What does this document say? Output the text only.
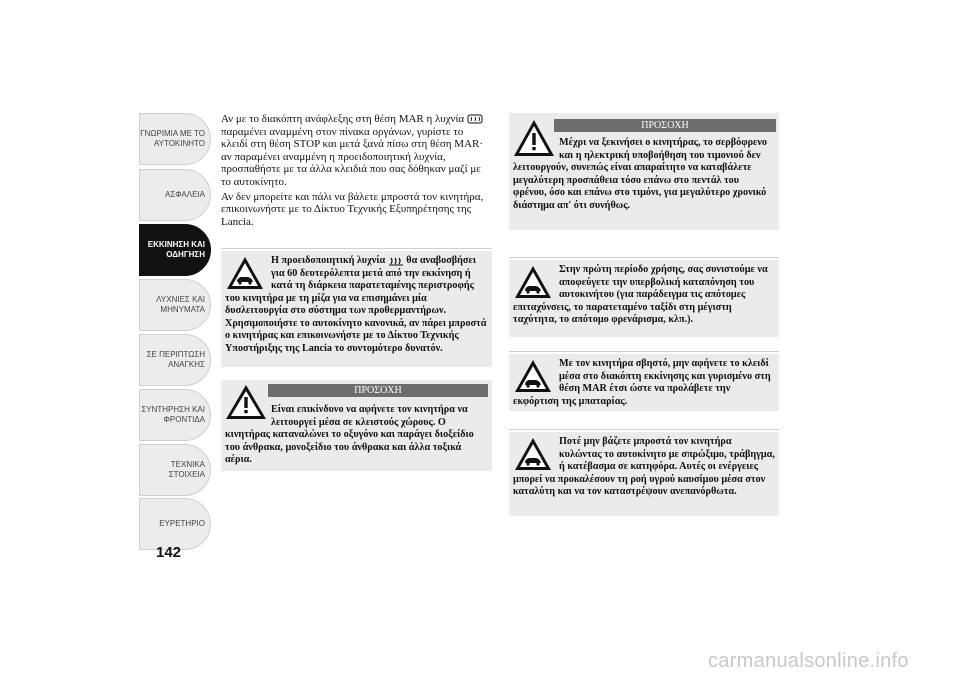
ΓΝΩΡΙΜΙΑ ΜΕ ΤΟ
ΑΥΤΟΚΙΝΗΤΟ
ΑΣΦΑΛΕΙΑ
ΕΚΚΙΝΗΣΗ ΚΑΙ
ΟΔΗΓΗΣΗ
ΛΥΧΝΙΕΣ ΚΑΙ
ΜΗΝΥΜΑΤΑ
ΣΕ ΠΕΡΙΠΤΩΣΗ
ΑΝΑΓΚΗΣ
ΣΥΝΤΗΡΗΣΗ ΚΑΙ
ΦΡΟΝΤΙΔΑ
ΤΕΧΝΙΚΑ ΣΤΟΙΧΕΙΑ
ΕΥΡΕΤΗΡΙΟ
142

Αν με το διακόπτη ανάφλεξης στη θέση MAR η λυχνία  παραμένει αναμμένη στον πίνακα οργάνων, γυρίστε το κλειδί στη θέση STOP και μετά ξανά πίσω στη θέση MAR· αν παραμένει αναμμένη η προειδοποιητική λυχνία, προσπαθήστε με τα άλλα κλειδιά που σας δόθηκαν μαζί με το αυτοκίνητο.

Αν δεν μπορείτε και πάλι να βάλετε μπροστά τον κινητήρα, επικοινωνήστε με το Δίκτυο Τεχνικής Εξυπηρέτησης της Lancia.

Η προειδοποιητική λυχνία θα αναβοσβήσει για 60 δευτερόλεπτα μετά από την εκκίνηση ή κατά τη διάρκεια παρατεταμένης περιστροφής του κινητήρα με τη μίζα για να επισημάνει μία δυσλειτουργία στο σύστημα των προθερμαντήρων. Χρησιμοποιήστε το αυτοκίνητο κανονικά, αν πάρει μπροστά ο κινητήρας και επικοινωνήστε με το Δίκτυο Τεχνικής Υποστήριξης της Lancia το συντομότερο δυνατόν.
ΠΡΟΣΟΧΗ
Είναι επικίνδυνο να αφήνετε τον κινητήρα να λειτουργεί μέσα σε κλειστούς χώρους. Ο κινητήρας καταναλώνει το οξυγόνο και παράγει διοξείδιο του άνθρακα, μονοξείδιο του άνθρακα και άλλα τοξικά αέρια.
ΠΡΟΣΟΧΗ
Μέχρι να ξεκινήσει ο κινητήρας, το σερβόφρενο και η ηλεκτρική υποβοήθηση του τιμονιού δεν λειτουργούν, συνεπώς είναι απαραίτητο να καταβάλετε μεγαλύτερη προσπάθεια τόσο επάνω στο πεντάλ του φρένου, όσο και επάνω στο τιμόνι, για μεγαλύτερο χρονικό διάστημα απ' ότι συνήθως.
Στην πρώτη περίοδο χρήσης, σας συνιστούμε να αποφεύγετε την υπερβολική καταπόνηση του αυτοκινήτου (για παράδειγμα τις απότομες επιταχύνσεις, το παρατεταμένο ταξίδι στη μέγιστη ταχύτητα, το απότομο φρενάρισμα, κλπ.).
Με τον κινητήρα σβηστό, μην αφήνετε το κλειδί μέσα στο διακόπτη εκκίνησης και γυρισμένο στη θέση MAR έτσι ώστε να προλάβετε την εκφόρτιση της μπαταρίας.
Ποτέ μην βάζετε μπροστά τον κινητήρα κυλώντας το αυτοκίνητο με σπρώξιμο, τράβηγμα, ή κατέβασμα σε κατηφόρα. Αυτές οι ενέργειες μπορεί να προκαλέσουν τη ροή υγρού καυσίμου μέσα στον καταλύτη και να τον καταστρέψουν ανεπανόρθωτα.
carmanualsonline.info
